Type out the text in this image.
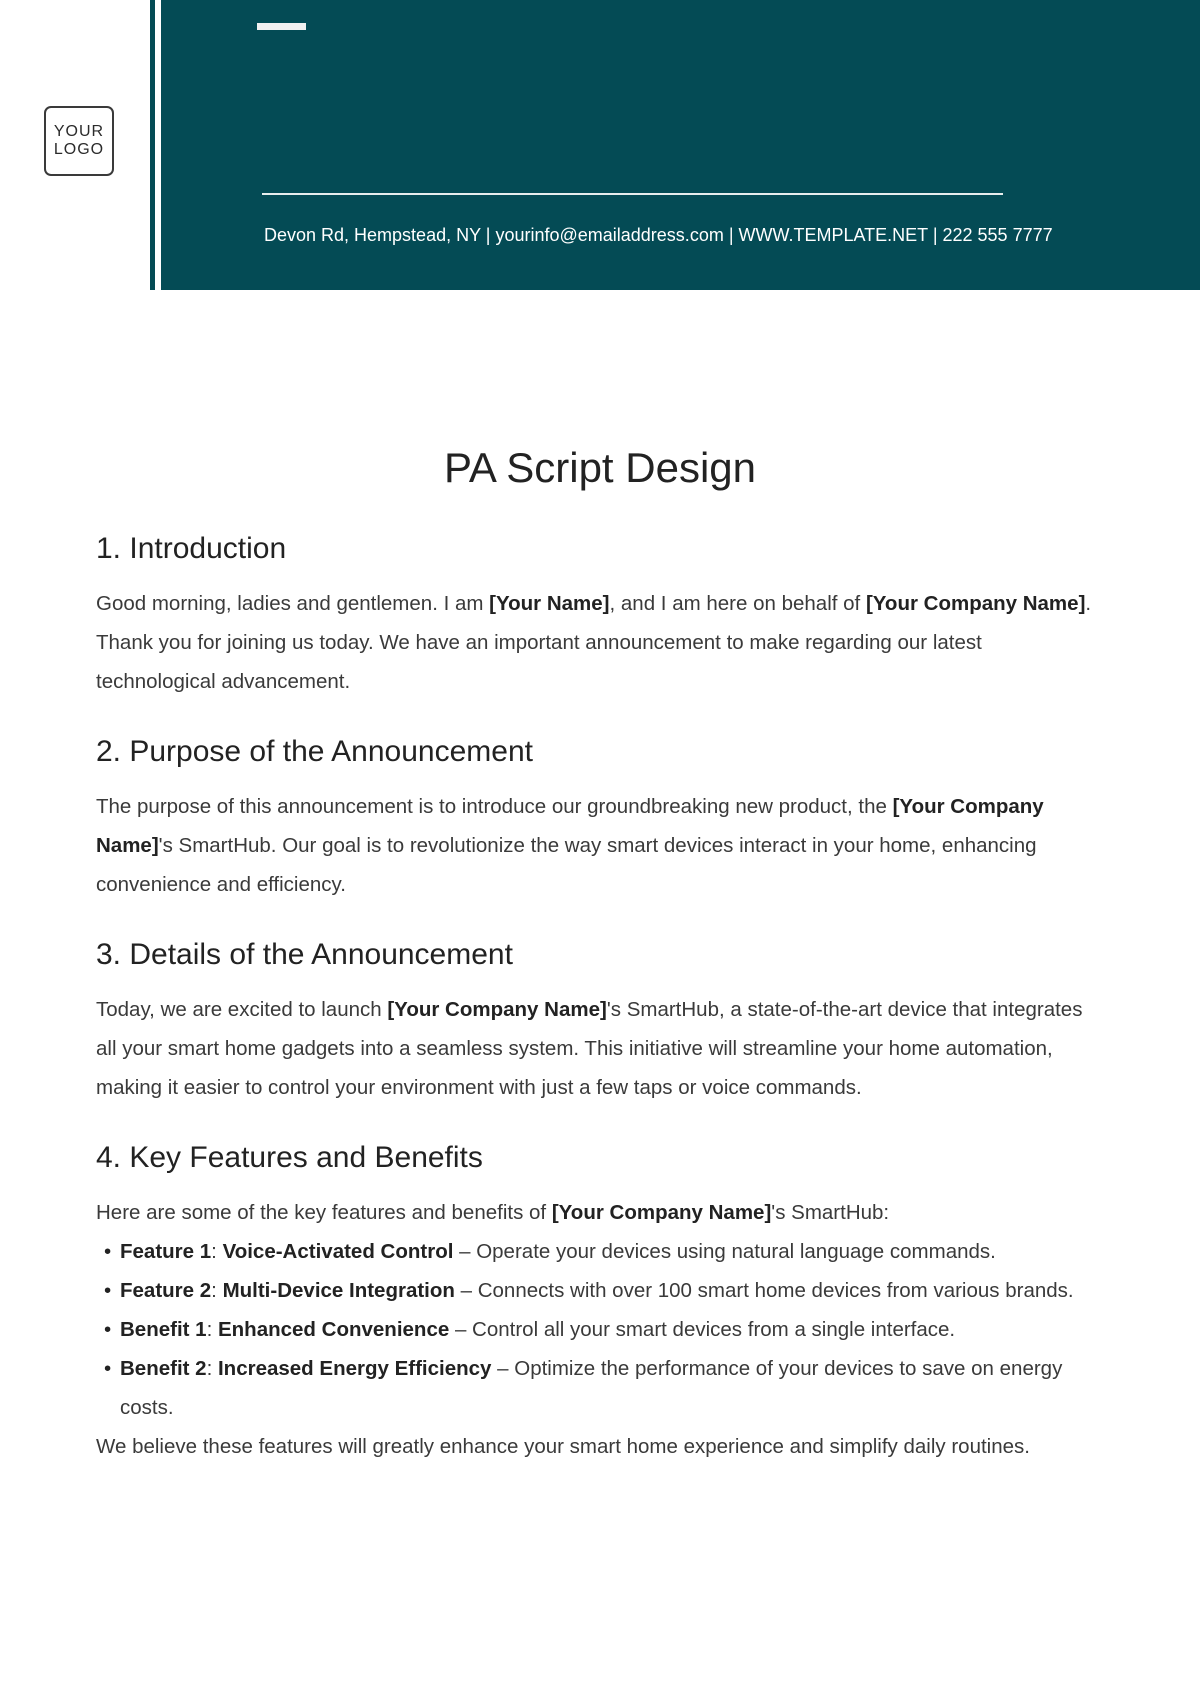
YOUR
LOGO
Devon Rd, Hempstead, NY | yourinfo@emailaddress.com | WWW.TEMPLATE.NET | 222 555 7777
PA Script Design
1. Introduction

Good morning, ladies and gentlemen. I am [Your Name], and I am here on behalf of [Your Company Name]. Thank you for joining us today. We have an important announcement to make regarding our latest technological advancement.

2. Purpose of the Announcement

The purpose of this announcement is to introduce our groundbreaking new product, the [Your Company Name]'s SmartHub. Our goal is to revolutionize the way smart devices interact in your home, enhancing convenience and efficiency.

3. Details of the Announcement

Today, we are excited to launch [Your Company Name]'s SmartHub, a state-of-the-art device that integrates all your smart home gadgets into a seamless system. This initiative will streamline your home automation, making it easier to control your environment with just a few taps or voice commands.

4. Key Features and Benefits

Here are some of the key features and benefits of [Your Company Name]'s SmartHub:

• Feature 1: Voice-Activated Control – Operate your devices using natural language commands.
• Feature 2: Multi-Device Integration – Connects with over 100 smart home devices from various brands.
• Benefit 1: Enhanced Convenience – Control all your smart devices from a single interface.
• Benefit 2: Increased Energy Efficiency – Optimize the performance of your devices to save on energy costs.

We believe these features will greatly enhance your smart home experience and simplify daily routines.
